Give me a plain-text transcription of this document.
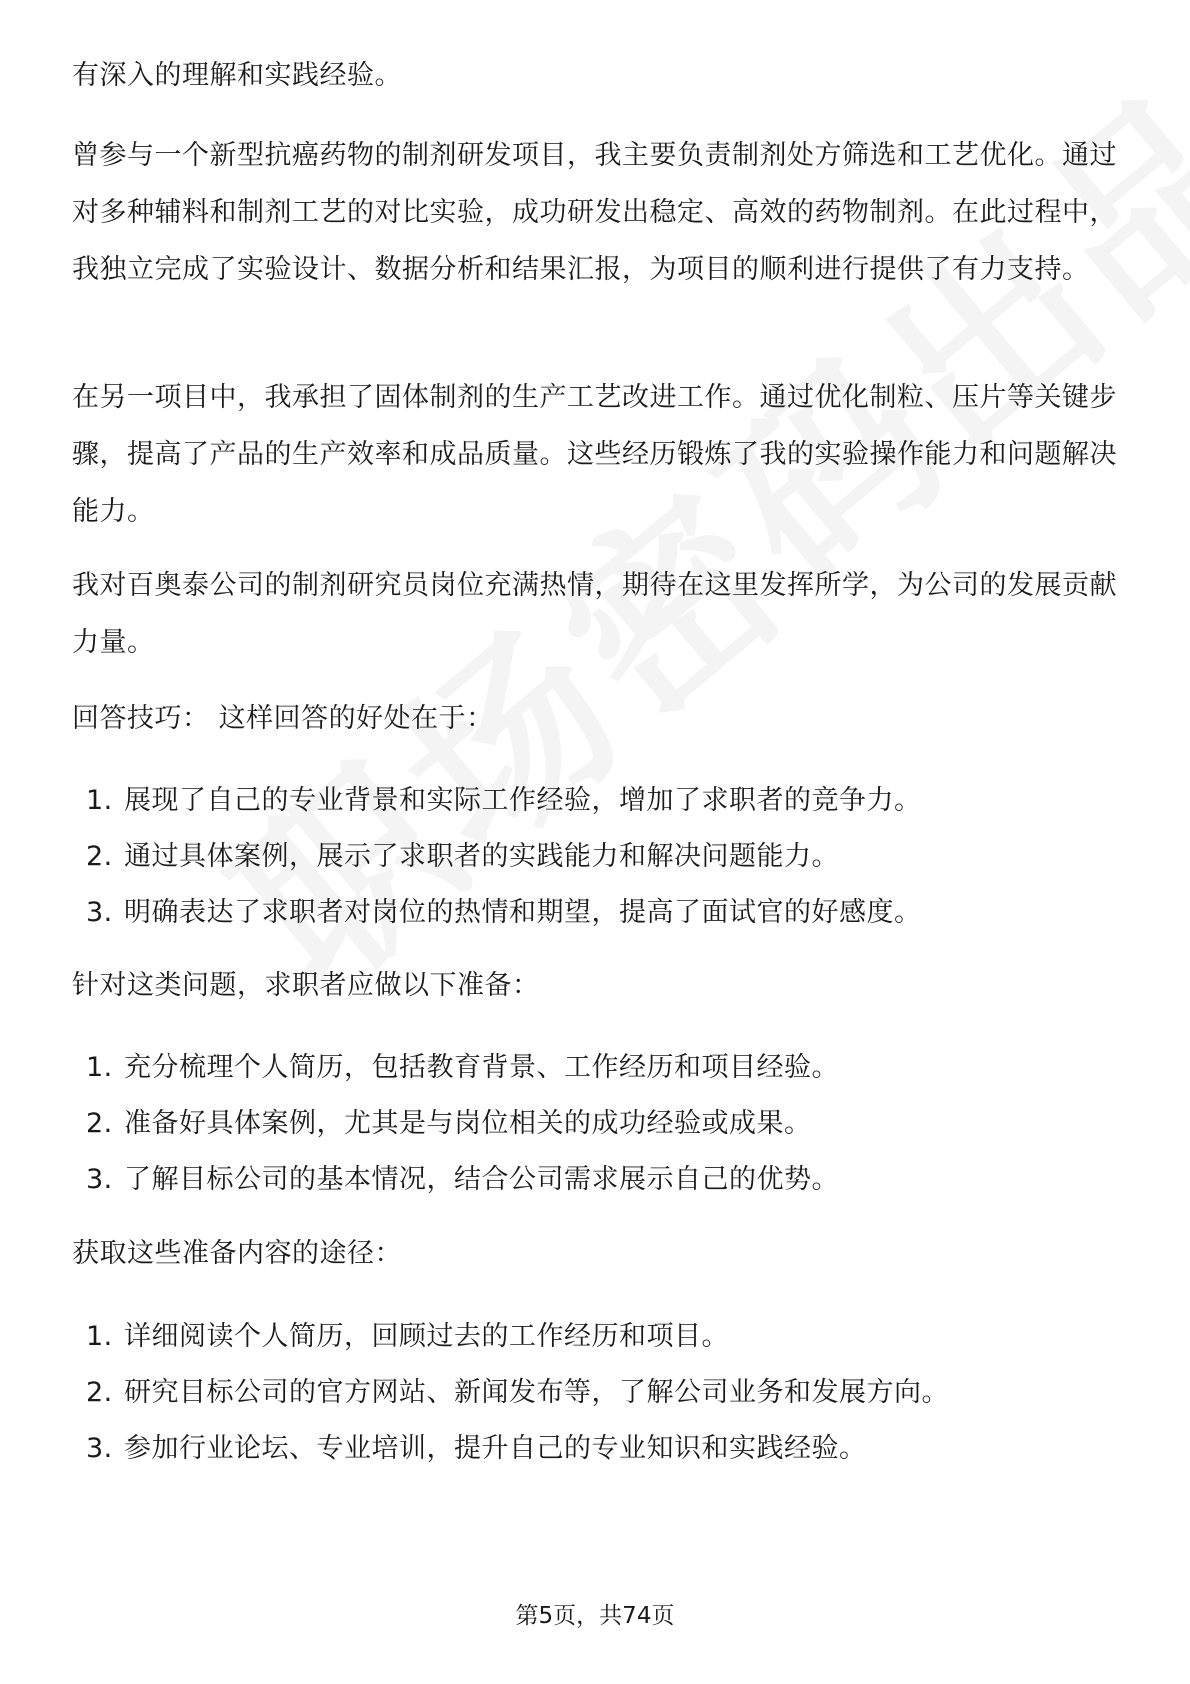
有深入的理解和实践经验。

曾参与一个新型抗癌药物的制剂研发项目，我主要负责制剂处方筛选和工艺优化。通过对多种辅料和制剂工艺的对比实验，成功研发出稳定、高效的药物制剂。在此过程中，我独立完成了实验设计、数据分析和结果汇报，为项目的顺利进行提供了有力支持。

在另一项目中，我承担了固体制剂的生产工艺改进工作。通过优化制粒、压片等关键步骤，提高了产品的生产效率和成品质量。这些经历锻炼了我的实验操作能力和问题解决能力。

我对百奥泰公司的制剂研究员岗位充满热情，期待在这里发挥所学，为公司的发展贡献力量。

回答技巧： 这样回答的好处在于：

1. 展现了自己的专业背景和实际工作经验，增加了求职者的竞争力。
2. 通过具体案例，展示了求职者的实践能力和解决问题能力。
3. 明确表达了求职者对岗位的热情和期望，提高了面试官的好感度。

针对这类问题，求职者应做以下准备：

1. 充分梳理个人简历，包括教育背景、工作经历和项目经验。
2. 准备好具体案例，尤其是与岗位相关的成功经验或成果。
3. 了解目标公司的基本情况，结合公司需求展示自己的优势。

获取这些准备内容的途径：

1. 详细阅读个人简历，回顾过去的工作经历和项目。
2. 研究目标公司的官方网站、新闻发布等，了解公司业务和发展方向。
3. 参加行业论坛、专业培训，提升自己的专业知识和实践经验。
第5页，共74页
